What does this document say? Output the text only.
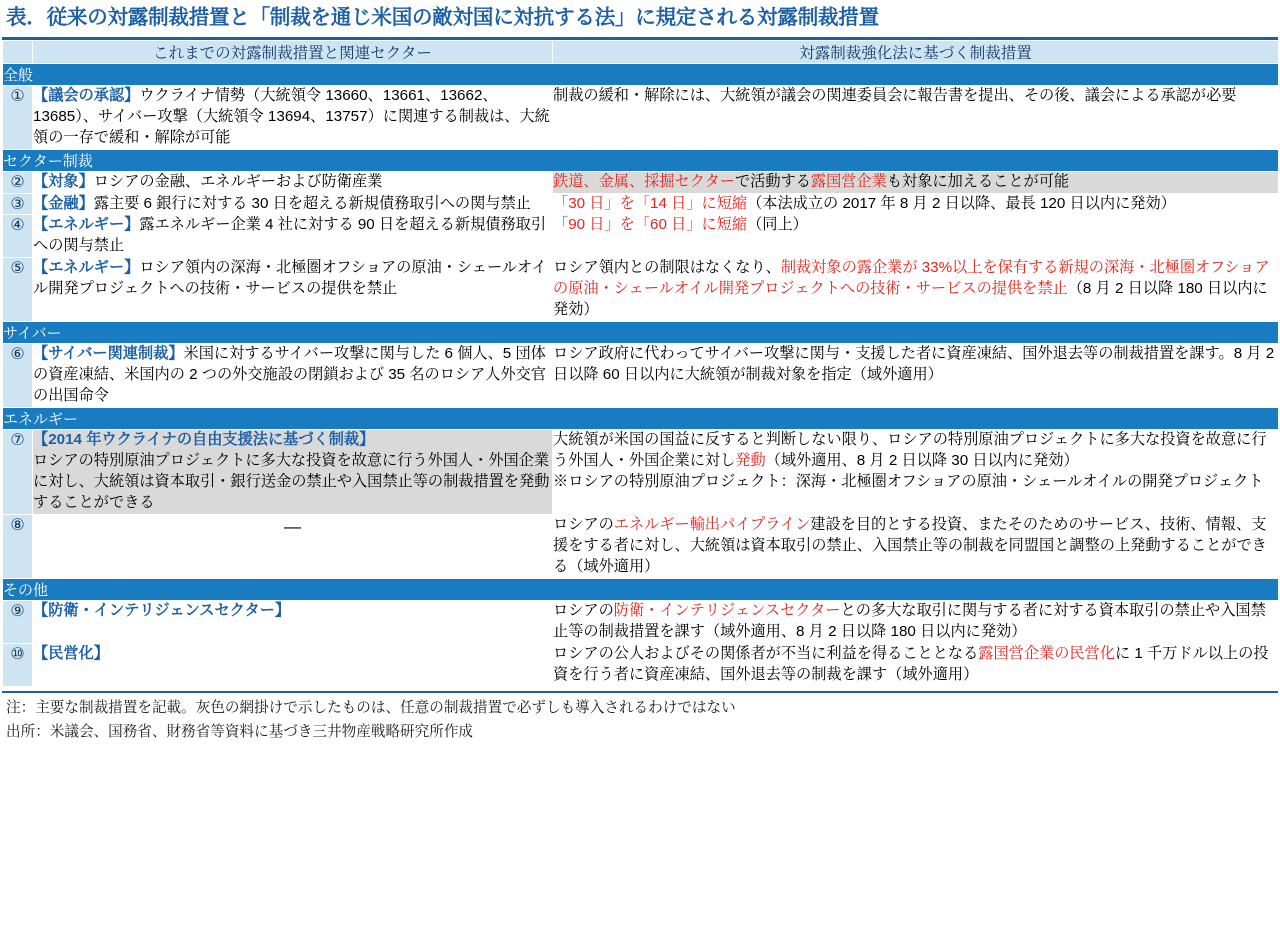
表．従来の対露制裁措置と「制裁を通じ米国の敵対国に対抗する法」に規定される対露制裁措置
	これまでの対露制裁措置と関連セクター	対露制裁強化法に基づく制裁措置
全般		
①	【議会の承認】ウクライナ情勢（大統領令 13660、13661、13662、13685）、サイバー攻撃（大統領令 13694、13757）に関連する制裁は、大統領の一存で緩和・解除が可能	制裁の緩和・解除には、大統領が議会の関連委員会に報告書を提出、その後、議会による承認が必要
セクター制裁		
②	【対象】ロシアの金融、エネルギーおよび防衛産業	鉄道、金属、採掘セクターで活動する露国営企業も対象に加えることが可能
③	【金融】露主要 6 銀行に対する 30 日を超える新規債務取引への関与禁止	「30 日」を「14 日」に短縮（本法成立の 2017 年 8 月 2 日以降、最長 120 日以内に発効）
④	【エネルギー】露エネルギー企業 4 社に対する 90 日を超える新規債務取引への関与禁止	「90 日」を「60 日」に短縮（同上）
⑤	【エネルギー】ロシア領内の深海・北極圏オフショアの原油・シェールオイル開発プロジェクトへの技術・サービスの提供を禁止	ロシア領内との制限はなくなり、制裁対象の露企業が 33%以上を保有する新規の深海・北極圏オフショアの原油・シェールオイル開発プロジェクトへの技術・サービスの提供を禁止（8 月 2 日以降 180 日以内に発効）
サイバー		
⑥	【サイバー関連制裁】米国に対するサイバー攻撃に関与した 6 個人、5 団体の資産凍結、米国内の 2 つの外交施設の閉鎖および 35 名のロシア人外交官の出国命令	ロシア政府に代わってサイバー攻撃に関与・支援した者に資産凍結、国外退去等の制裁措置を課す。8 月 2 日以降 60 日以内に大統領が制裁対象を指定（域外適用）
エネルギー		
⑦	【2014 年ウクライナの自由支援法に基づく制裁】
ロシアの特別原油プロジェクトに多大な投資を故意に行う外国人・外国企業に対し、大統領は資本取引・銀行送金の禁止や入国禁止等の制裁措置を発動することができる	大統領が米国の国益に反すると判断しない限り、ロシアの特別原油プロジェクトに多大な投資を故意に行う外国人・外国企業に対し発動（域外適用、8 月 2 日以降 30 日以内に発効）
※ロシアの特別原油プロジェクト：深海・北極圏オフショアの原油・シェールオイルの開発プロジェクト

⑧	—	ロシアのエネルギー輸出パイプライン建設を目的とする投資、またそのためのサービス、技術、情報、支援をする者に対し、大統領は資本取引の禁止、入国禁止等の制裁を同盟国と調整の上発動することができる（域外適用）
その他		
⑨	【防衛・インテリジェンスセクター】	ロシアの防衛・インテリジェンスセクターとの多大な取引に関与する者に対する資本取引の禁止や入国禁止等の制裁措置を課す（域外適用、8 月 2 日以降 180 日以内に発効）
⑩	【民営化】	ロシアの公人およびその関係者が不当に利益を得ることとなる露国営企業の民営化に 1 千万ドル以上の投資を行う者に資産凍結、国外退去等の制裁を課す（域外適用）
注：主要な制裁措置を記載。灰色の網掛けで示したものは、任意の制裁措置で必ずしも導入されるわけではない
出所：米議会、国務省、財務省等資料に基づき三井物産戦略研究所作成
